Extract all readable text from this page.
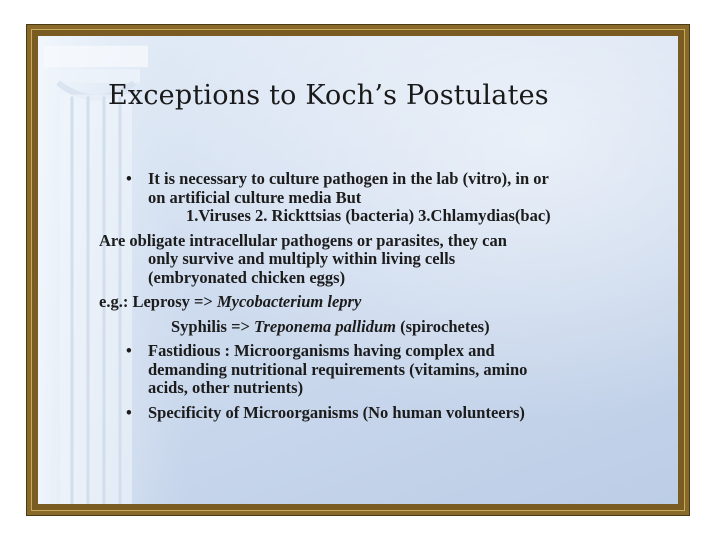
Exceptions to Koch’s Postulates
• It is necessary to culture pathogen in the lab (vitro), in or
on artificial culture media But
1.Viruses 2. Rickttsias (bacteria) 3.Chlamydias(bac)
Are obligate intracellular pathogens or parasites, they can
only survive and multiply within living cells
(embryonated chicken eggs)
e.g.: Leprosy => Mycobacterium lepry
Syphilis => Treponema pallidum (spirochetes)
• Fastidious : Microorganisms having complex and
demanding nutritional requirements (vitamins, amino
acids, other nutrients)
• Specificity of Microorganisms (No human volunteers)
